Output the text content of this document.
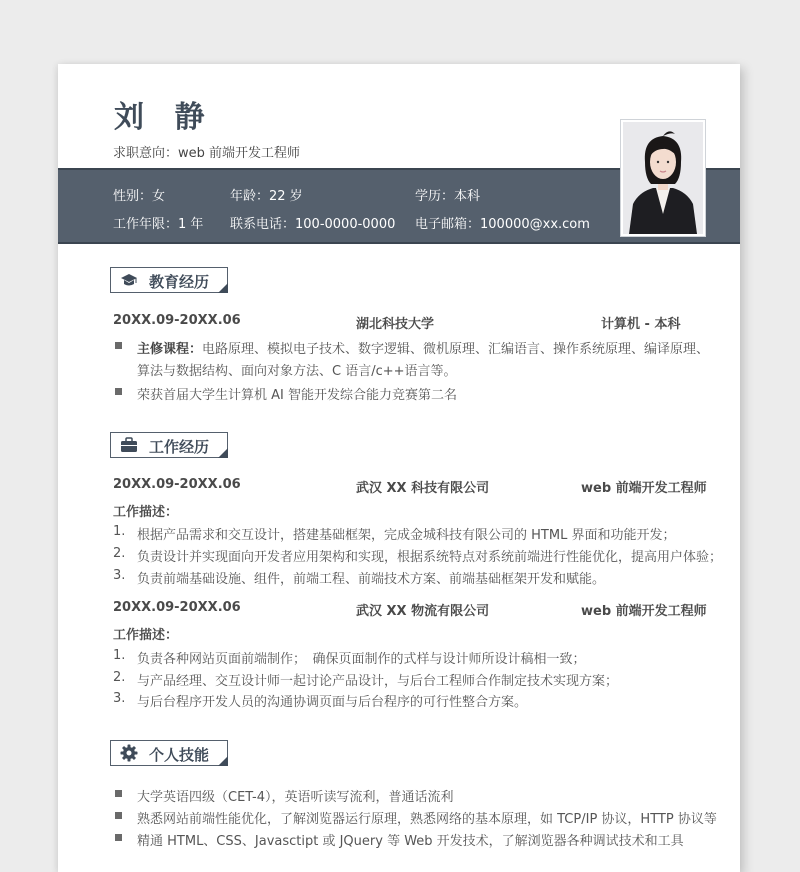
刘 静
求职意向： web 前端开发工程师
性别：女	年龄：22 岁	学历：本科
工作年限：1 年 联系电话：100-0000-0000 电子邮箱：100000@xx.com
教育经历
20XX.09-20XX.06	湖北科技大学	计算机 - 本科
主修课程：电路原理、模拟电子技术、数字逻辑、微机原理、汇编语言、操作系统原理、编译原理、
算法与数据结构、面向对象方法、C 语言/c++语言等。
荣获首届大学生计算机 AI 智能开发综合能力竞赛第二名
工作经历
20XX.09-20XX.06	武汉 XX 科技有限公司	web 前端开发工程师
工作描述：
1. 根据产品需求和交互设计，搭建基础框架，完成金城科技有限公司的 HTML 界面和功能开发；
2. 负责设计并实现面向开发者应用架构和实现，根据系统特点对系统前端进行性能优化，提高用户体验；
3. 负责前端基础设施、组件，前端工程、前端技术方案、前端基础框架开发和赋能。
20XX.09-20XX.06	武汉 XX 物流有限公司	web 前端开发工程师
工作描述：
1. 负责各种网站页面前端制作；　确保页面制作的式样与设计师所设计稿相一致；
2. 与产品经理、交互设计师一起讨论产品设计，与后台工程师合作制定技术实现方案；
3. 与后台程序开发人员的沟通协调页面与后台程序的可行性整合方案。
个人技能
大学英语四级（CET-4），英语听读写流利，普通话流利
熟悉网站前端性能优化，了解浏览器运行原理，熟悉网络的基本原理，如 TCP/IP 协议，HTTP 协议等
精通 HTML、CSS、Javasctipt 或 JQuery 等 Web 开发技术，了解浏览器各种调试技术和工具
